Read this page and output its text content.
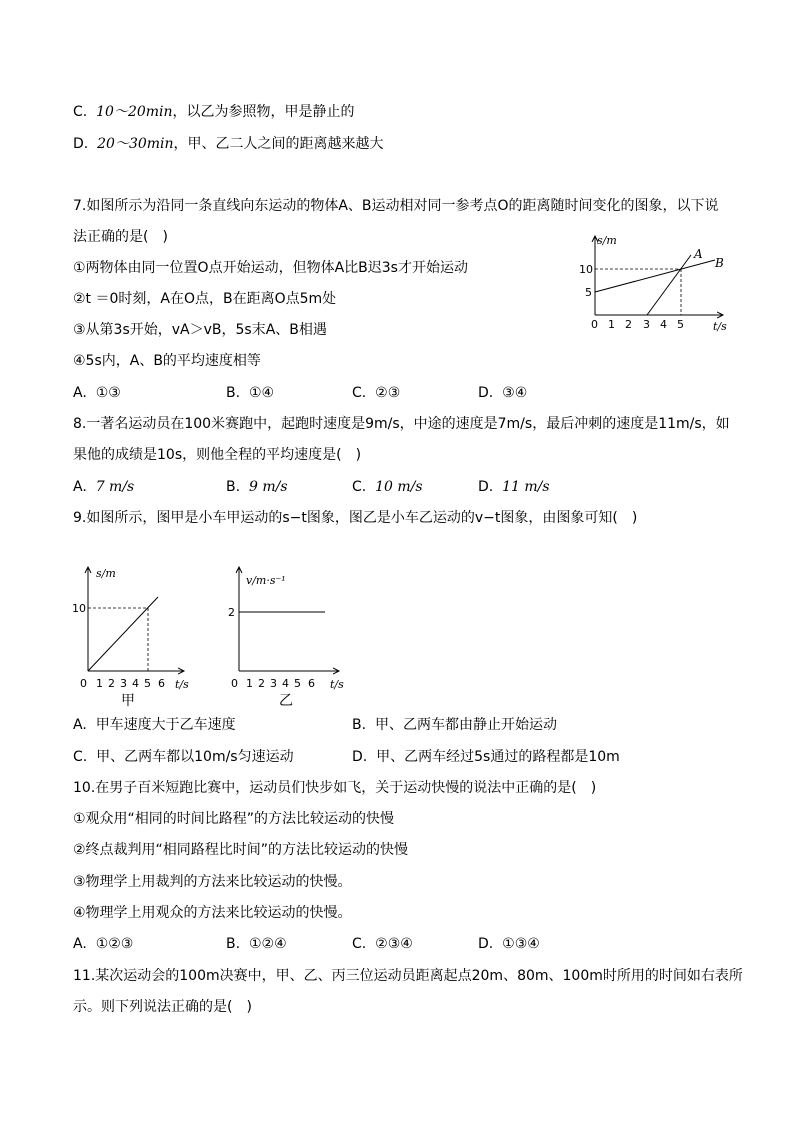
C. 10～20min，以乙为参照物，甲是静止的
D. 20～30min，甲、乙二人之间的距离越来越大
7.如图所示为沿同一条直线向东运动的物体A、B运动相对同一参考点O的距离随时间变化的图象，以下说
法正确的是(　)
①两物体由同一位置O点开始运动，但物体A比B迟3s才开始运动
②t ＝0时刻，A在O点，B在距离O点5m处
③从第3s开始，vA＞vB，5s末A、B相遇
④5s内，A、B的平均速度相等
A. ①③	B. ①④	C. ②③	D. ③④
s/m
t/s
10
5
0 1 2 3 4 5
A
B
8.一著名运动员在100米赛跑中，起跑时速度是9m/s，中途的速度是7m/s，最后冲刺的速度是11m/s，如
果他的成绩是10s，则他全程的平均速度是(　)
A. 7 m/s	B. 9 m/s	C. 10 m/s	D. 11 m/s
9.如图所示，图甲是小车甲运动的s−t图象，图乙是小车乙运动的v−t图象，由图象可知(　)
s/m
t/s
10
0 1 2 3 4 5 6
甲
v/m·s⁻¹
t/s
2
0 1 2 3 4 5 6
乙
A. 甲车速度大于乙车速度	B. 甲、乙两车都由静止开始运动
C. 甲、乙两车都以10m/s匀速运动	D. 甲、乙两车经过5s通过的路程都是10m
10.在男子百米短跑比赛中，运动员们快步如飞，关于运动快慢的说法中正确的是(　)
①观众用“相同的时间比路程”的方法比较运动的快慢
②终点裁判用“相同路程比时间”的方法比较运动的快慢
③物理学上用裁判的方法来比较运动的快慢。
④物理学上用观众的方法来比较运动的快慢。
A. ①②③	B. ①②④	C. ②③④	D. ①③④
11.某次运动会的100m决赛中，甲、乙、丙三位运动员距离起点20m、80m、100m时所用的时间如右表所
示。则下列说法正确的是(　)
